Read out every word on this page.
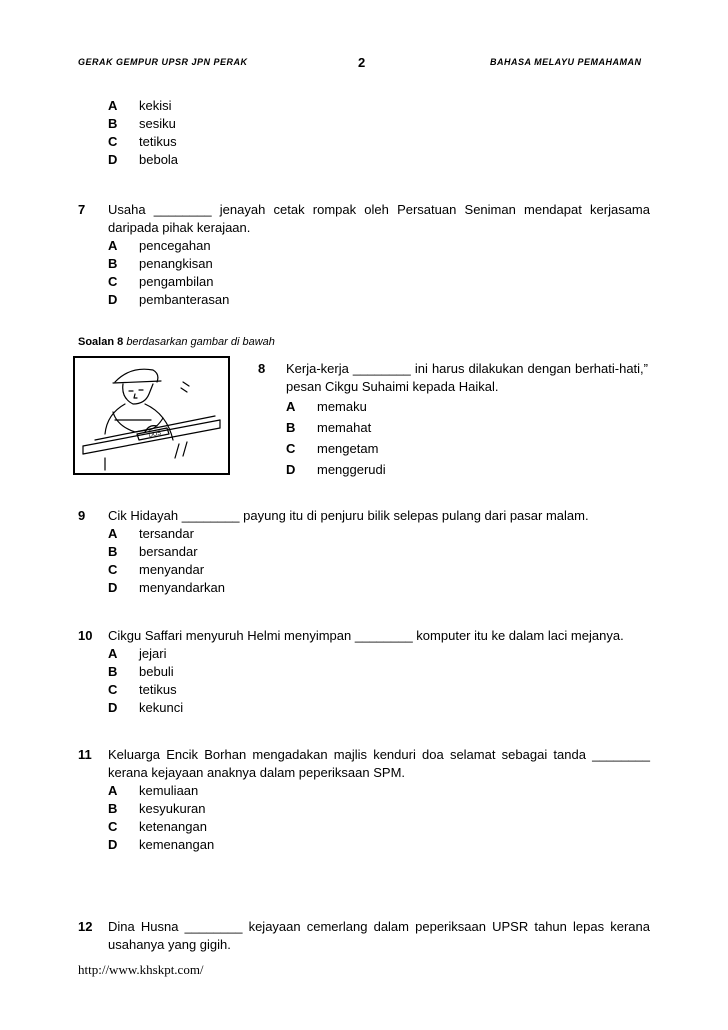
GERAK GEMPUR UPSR JPN PERAK	2	BAHASA MELAYU PEMAHAMAN
A	kekisi
B	sesiku
C	tetikus
D	bebola
7 Usaha ________ jenayah cetak rompak oleh Persatuan Seniman mendapat kerjasama daripada pihak kerajaan.
A	pencegahan
B	penangkisan
C	pengambilan
D	pembanterasan
Soalan 8 berdasarkan gambar di bawah
DUS
8 Kerja-kerja ________ ini harus dilakukan dengan berhati-hati,” pesan Cikgu Suhaimi kepada Haikal.
A	memaku
B	memahat
C	mengetam
D	menggerudi
9 Cik Hidayah ________ payung itu di penjuru bilik selepas pulang dari pasar malam.
A	tersandar
B	bersandar
C	menyandar
D	menyandarkan
10 Cikgu Saffari menyuruh Helmi menyimpan ________ komputer itu ke dalam laci mejanya.
A	jejari
B	bebuli
C	tetikus
D	kekunci
11 Keluarga Encik Borhan mengadakan majlis kenduri doa selamat sebagai tanda ________ kerana kejayaan anaknya dalam peperiksaan SPM.
A	kemuliaan
B	kesyukuran
C	ketenangan
D	kemenangan
12 Dina Husna ________ kejayaan cemerlang dalam peperiksaan UPSR tahun lepas kerana usahanya yang gigih.
http://www.khskpt.com/
